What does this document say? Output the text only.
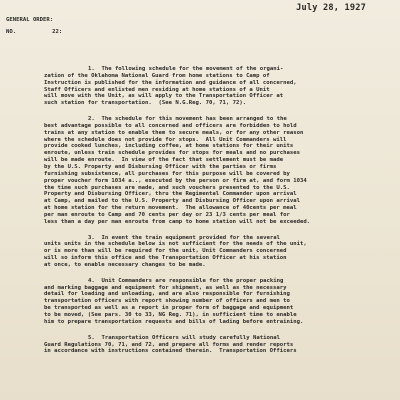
July 28, 1927
GENERAL ORDER:
NO.	22:
1.  The following schedule for the movement of the organi-
zation of the Oklahoma National Guard from home stations to Camp of
Instruction is published for the information and guidance of all concerned,
Staff Officers and enlisted men residing at home stations of a Unit
will move with the Unit, as will apply to the Transportation Officer at
such station for transportation.  (See N.G.Reg. 70, 71, 72).
2.  The schedule for this movement has been arranged to the
best advantage possible to all concerned and officers are forbidden to hold
trains at any station to enable them to secure meals, or for any other reason
where the schedule does not provide for stops.  All Unit Commanders will
provide cooked lunches, including coffee, at home stations for their units
enroute, unless train schedule provides for stops for meals and no purchases
will be made enroute.  In view of the fact that settlement must be made
by the U.S. Property and Disbursing Officer with the parties or firms
furnishing subsistence, all purchases for this purpose will be covered by
proper voucher form 1034 a.., executed by the person or firm at, and form 1034
the time such purchases are made, and such vouchers presented to the U.S.
Property and Disbursing Officer, thru the Regimental Commander upon arrival
at Camp, and mailed to the U.S. Property and Disbursing Officer upon arrival
at home station for the return movement.  The allowance of 40cents per meal
per man enroute to Camp and 70 cents per day or 23 1/3 cents per meal for
less than a day per man enroute from camp to home station will not be exceeded.
3.  In event the train equipment provided for the several
units units in the schedule below is not sufficient for the needs of the unit,
or is more than will be required for the unit, Unit Commanders concerned
will so inform this office and the Transportation Officer at his station
at once, to enable necessary changes to be made.
4.  Unit Commanders are responsible for the proper packing
and marking baggage and equipment for shipment, as well as the necessary
detail for loading and unloading, and are also responsible for furnishing
transportation officers with report showing number of officers and men to
be transported as well as a report in proper form of baggage and equipment
to be moved, (See pars. 30 to 33, NG Reg. 71), in sufficient time to enable
him to prepare transportation requests and bills of lading before entraining.
5.  Transportation Officers will study carefully National
Guard Regulations 70, 71, and 72, and prepare all forms and render reports
in accordance with instructions contained therein.  Transportation Officers
